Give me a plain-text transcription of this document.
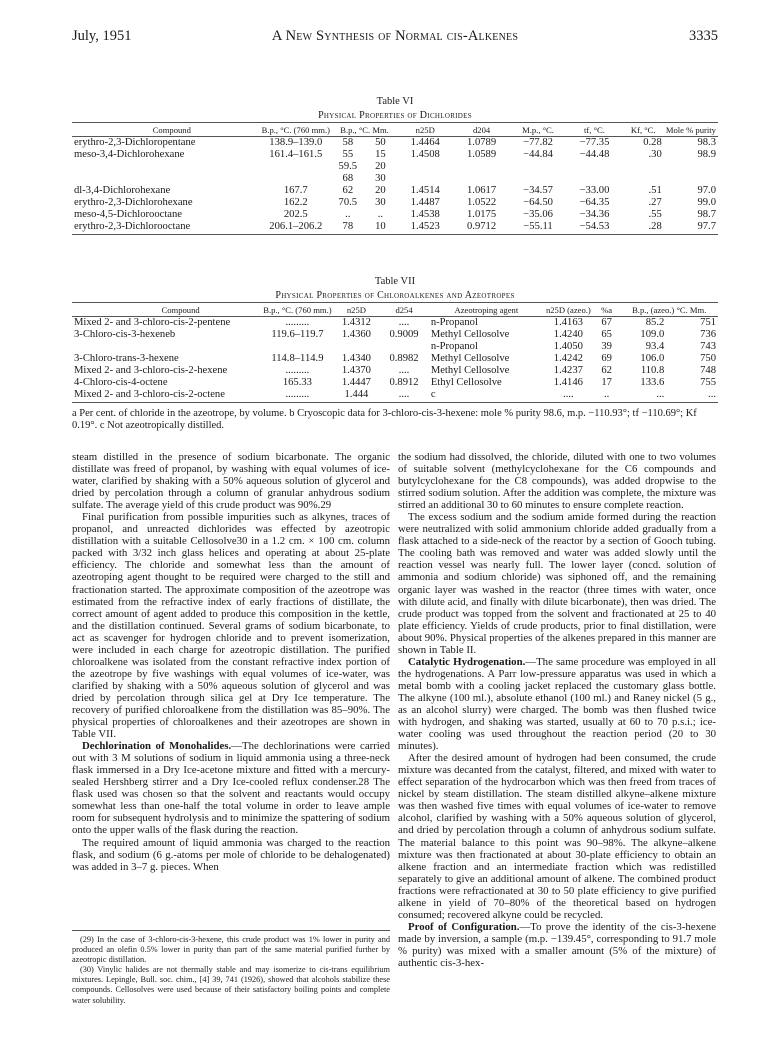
July, 1951	A New Synthesis of Normal cis-Alkenes	3335
Table VI
Physical Properties of Dichlorides

Compound	B.p., °C. (760 mm.)	B.p., °C. Mm.		n25D	d204	M.p., °C.	tf, °C.	Kf, °C.	Mole % purity
erythro-2,3-Dichloropentane	138.9–139.0	58	50	1.4464	1.0789	−77.82	−77.35	0.28	98.3
meso-3,4-Dichlorohexane	161.4–161.5	55	15	1.4508	1.0589	−44.84	−44.48	.30	98.9
		59.5	20						
		68	30						
dl-3,4-Dichlorohexane	167.7	62	20	1.4514	1.0617	−34.57	−33.00	.51	97.0
erythro-2,3-Dichlorohexane	162.2	70.5	30	1.4487	1.0522	−64.50	−64.35	.27	99.0
meso-4,5-Dichlorooctane	202.5	..	..	1.4538	1.0175	−35.06	−34.36	.55	98.7
erythro-2,3-Dichlorooctane	206.1–206.2	78	10	1.4523	0.9712	−55.11	−54.53	.28	97.7
Table VII
Physical Properties of Chloroalkenes and Azeotropes

Compound	B.p., °C. (760 mm.)	n25D	d254	Azeotroping agent	n25D (azeo.)	%a	B.p., (azeo.) °C. Mm.	
Mixed 2- and 3-chloro-cis-2-pentene	.........	1.4312	....	n-Propanol	1.4163	67	85.2	751
3-Chloro-cis-3-hexeneb	119.6–119.7	1.4360	0.9009	Methyl Cellosolve	1.4240	65	109.0	736
				n-Propanol	1.4050	39	93.4	743
3-Chloro-trans-3-hexene	114.8–114.9	1.4340	0.8982	Methyl Cellosolve	1.4242	69	106.0	750
Mixed 2- and 3-chloro-cis-2-hexene	.........	1.4370	....	Methyl Cellosolve	1.4237	62	110.8	748
4-Chloro-cis-4-octene	165.33	1.4447	0.8912	Ethyl Cellosolve	1.4146	17	133.6	755
Mixed 2- and 3-chloro-cis-2-octene	.........	1.444	....	c	....	..	...	...
a Per cent. of chloride in the azeotrope, by volume. b Cryoscopic data for 3-chloro-cis-3-hexene: mole % purity 98.6, m.p. −110.93°; tf −110.69°; Kf 0.19°. c Not azeotropically distilled.

steam distilled in the presence of sodium bicarbonate. The organic distillate was freed of propanol, by washing with equal volumes of ice-water, clarified by shaking with a 50% aqueous solution of glycerol and dried by percolation through a column of granular anhydrous sodium sulfate. The average yield of this crude product was 90%.29

Final purification from possible impurities such as alkynes, traces of propanol, and unreacted dichlorides was effected by azeotropic distillation with a suitable Cellosolve30 in a 1.2 cm. × 100 cm. column packed with 3/32 inch glass helices and operating at about 25-plate efficiency. The chloride and somewhat less than the amount of azeotroping agent thought to be required were charged to the still and fractionation started. The approximate composition of the azeotrope was estimated from the refractive index of early fractions of distillate, the correct amount of agent added to produce this composition in the kettle, and the distillation continued. Several grams of sodium bicarbonate, to act as scavenger for hydrogen chloride and to prevent isomerization, were included in each charge for azeotropic distillation. The purified chloroalkene was isolated from the constant refractive index portion of the azeotrope by five washings with equal volumes of ice-water, was clarified by shaking with a 50% aqueous solution of glycerol and was dried by percolation through silica gel at Dry Ice temperature. The recovery of purified chloroalkene from the distillation was 85–90%. The physical properties of chloroalkenes and their azeotropes are shown in Table VII.

Dechlorination of Monohalides.—The dechlorinations were carried out with 3 M solutions of sodium in liquid ammonia using a three-neck flask immersed in a Dry Ice-acetone mixture and fitted with a mercury-sealed Hershberg stirrer and a Dry Ice-cooled reflux condenser.28 The flask used was chosen so that the solvent and reactants would occupy somewhat less than one-half the total volume in order to leave ample room for subsequent hydrolysis and to minimize the spattering of sodium onto the upper walls of the flask during the reaction.

The required amount of liquid ammonia was charged to the reaction flask, and sodium (6 g.-atoms per mole of chloride to be dehalogenated) was added in 3–7 g. pieces. When

(29) In the case of 3-chloro-cis-3-hexene, this crude product was 1% lower in purity and produced an olefin 0.5% lower in purity than part of the same material purified further by azeotropic distillation.

(30) Vinylic halides are not thermally stable and may isomerize to cis-trans equilibrium mixtures. Lepingle, Bull. soc. chim., [4] 39, 741 (1926), showed that alcohols stabilize these compounds. Cellosolves were used because of their satisfactory boiling points and complete water solubility.

the sodium had dissolved, the chloride, diluted with one to two volumes of suitable solvent (methylcyclohexane for the C6 compounds and butylcyclohexane for the C8 compounds), was added dropwise to the stirred sodium solution. After the addition was complete, the mixture was stirred an additional 30 to 60 minutes to ensure complete reaction.

The excess sodium and the sodium amide formed during the reaction were neutralized with solid ammonium chloride added gradually from a flask attached to a side-neck of the reactor by a section of Gooch tubing. The cooling bath was removed and water was added slowly until the reaction vessel was nearly full. The lower layer (concd. solution of ammonia and sodium chloride) was siphoned off, and the remaining organic layer was washed in the reactor (three times with water, once with dilute acid, and finally with dilute bicarbonate), then was dried. The crude product was topped from the solvent and fractionated at 25 to 40 plate efficiency. Yields of crude products, prior to final distillation, were about 90%. Physical properties of the alkenes prepared in this manner are shown in Table II.

Catalytic Hydrogenation.—The same procedure was employed in all the hydrogenations. A Parr low-pressure apparatus was used in which a metal bomb with a cooling jacket replaced the customary glass bottle. The alkyne (100 ml.), absolute ethanol (100 ml.) and Raney nickel (5 g., as an alcohol slurry) were charged. The bomb was then flushed twice with hydrogen, and shaking was started, usually at 60 to 70 p.s.i.; ice-water cooling was used throughout the reaction period (20 to 30 minutes).

After the desired amount of hydrogen had been consumed, the crude mixture was decanted from the catalyst, filtered, and mixed with water to effect separation of the hydrocarbon which was then freed from traces of nickel by steam distillation. The steam distilled alkyne–alkene mixture was then washed five times with equal volumes of ice-water to remove alcohol, clarified by washing with a 50% aqueous solution of glycerol, and dried by percolation through a column of anhydrous sodium sulfate. The material balance to this point was 90–98%. The alkyne–alkene mixture was then fractionated at about 30-plate efficiency to obtain an alkene fraction and an intermediate fraction which was redistilled separately to give an additional amount of alkene. The combined product fractions were refractionated at 30 to 50 plate efficiency to give purified alkene in yield of 70–80% of the theoretical based on hydrogen consumed; recovered alkyne could be recycled.

Proof of Configuration.—To prove the identity of the cis-3-hexene made by inversion, a sample (m.p. −139.45°, corresponding to 91.7 mole % purity) was mixed with a smaller amount (5% of the mixture) of authentic cis-3-hex-
